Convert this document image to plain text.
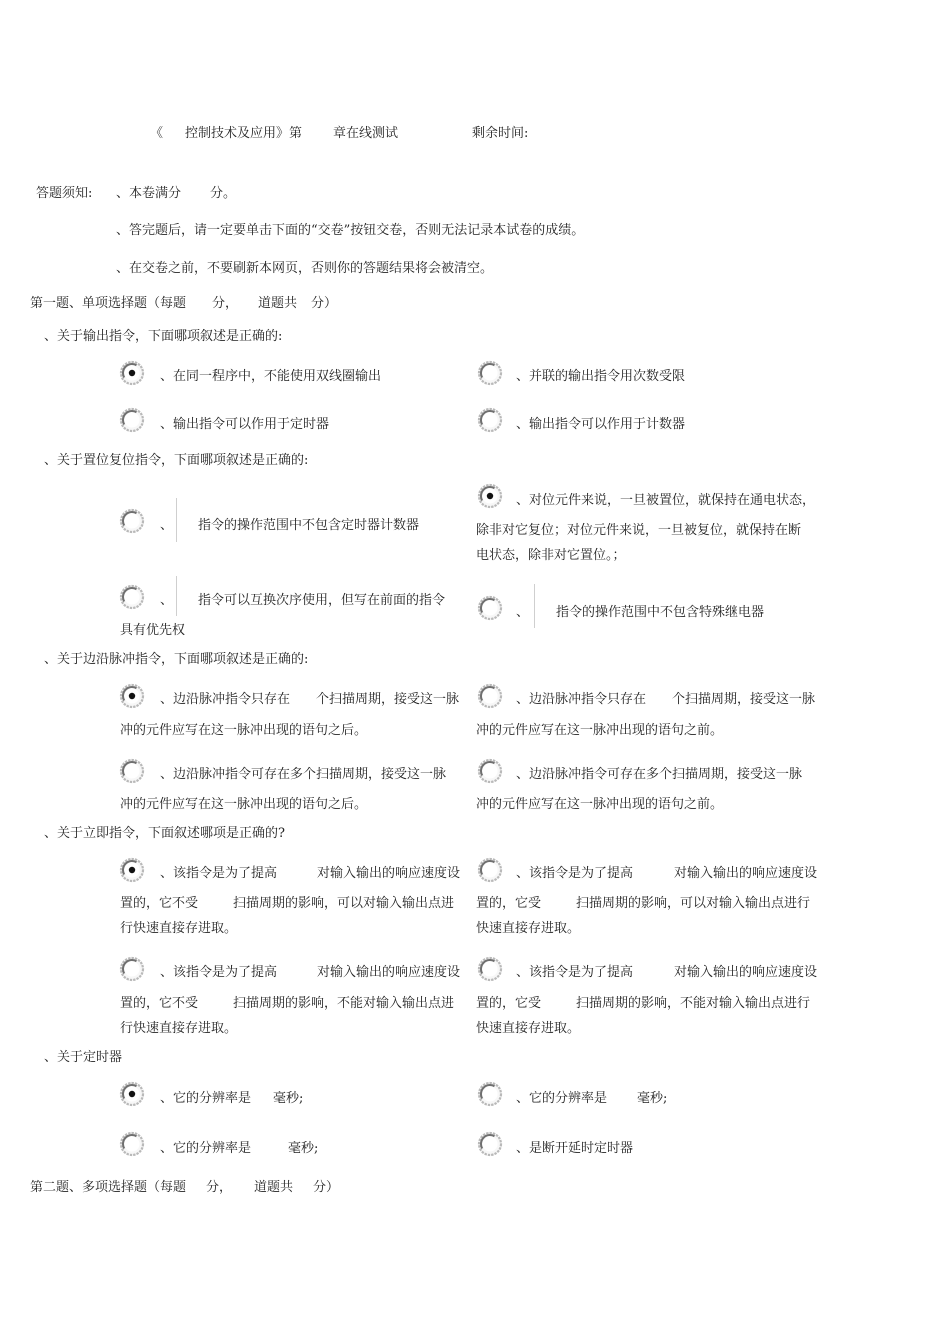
《 控制技术及应用》第 章在线测试	剩余时间:
答题须知: 、本卷满分 分。
、答完题后，请一定要单击下面的“交卷”按钮交卷，否则无法记录本试卷的成绩。
、在交卷之前，不要刷新本网页，否则你的答题结果将会被清空。
第一题、单项选择题（每题 分， 道题共 分）
、关于输出指令，下面哪项叙述是正确的:
、在同一程序中，不能使用双线圈输出	、并联的输出指令用次数受限
、输出指令可以作用于定时器	、输出指令可以作用于计数器
、关于置位复位指令，下面哪项叙述是正确的:
、 指令的操作范围中不包含定时器计数器
、对位元件来说，一旦被置位，就保持在通电状态，
除非对它复位；对位元件来说，一旦被复位，就保持在断
电状态，除非对它置位。；
、 指令可以互换次序使用，但写在前面的指令
具有优先权
、 指令的操作范围中不包含特殊继电器
、关于边沿脉冲指令，下面哪项叙述是正确的:
、边沿脉冲指令只存在 个扫描周期，接受这一脉
冲的元件应写在这一脉冲出现的语句之后。
、边沿脉冲指令只存在 个扫描周期，接受这一脉
冲的元件应写在这一脉冲出现的语句之前。
、边沿脉冲指令可存在多个扫描周期，接受这一脉
冲的元件应写在这一脉冲出现的语句之后。
、边沿脉冲指令可存在多个扫描周期，接受这一脉
冲的元件应写在这一脉冲出现的语句之前。
、关于立即指令，下面叙述哪项是正确的?
、该指令是为了提高	对输入输出的响应速度设
置的，它不受	扫描周期的影响，可以对输入输出点进
行快速直接存进取。
、该指令是为了提高	对输入输出的响应速度设
置的，它受	扫描周期的影响，可以对输入输出点进行
快速直接存进取。
、该指令是为了提高	对输入输出的响应速度设
置的，它不受	扫描周期的影响，不能对输入输出点进
行快速直接存进取。
、该指令是为了提高	对输入输出的响应速度设
置的，它受	扫描周期的影响，不能对输入输出点进行
快速直接存进取。
、关于定时器
、它的分辨率是 毫秒;	、它的分辨率是 毫秒;
、它的分辨率是	毫秒;	、是断开延时定时器
第二题、多项选择题（每题 分， 道题共 分）
